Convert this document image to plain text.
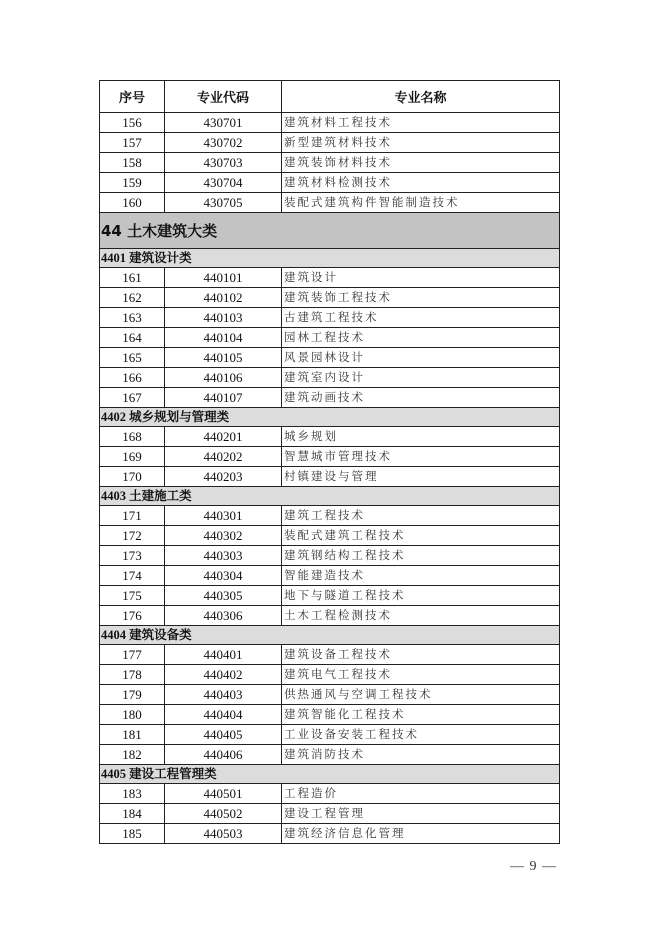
序号	专业代码	专业名称
156	430701	建筑材料工程技术
157	430702	新型建筑材料技术
158	430703	建筑装饰材料技术
159	430704	建筑材料检测技术
160	430705	装配式建筑构件智能制造技术
44 土木建筑大类		
4401 建筑设计类		
161	440101	建筑设计
162	440102	建筑装饰工程技术
163	440103	古建筑工程技术
164	440104	园林工程技术
165	440105	风景园林设计
166	440106	建筑室内设计
167	440107	建筑动画技术
4402 城乡规划与管理类		
168	440201	城乡规划
169	440202	智慧城市管理技术
170	440203	村镇建设与管理
4403 土建施工类		
171	440301	建筑工程技术
172	440302	装配式建筑工程技术
173	440303	建筑钢结构工程技术
174	440304	智能建造技术
175	440305	地下与隧道工程技术
176	440306	土木工程检测技术
4404 建筑设备类		
177	440401	建筑设备工程技术
178	440402	建筑电气工程技术
179	440403	供热通风与空调工程技术
180	440404	建筑智能化工程技术
181	440405	工业设备安装工程技术
182	440406	建筑消防技术
4405 建设工程管理类		
183	440501	工程造价
184	440502	建设工程管理
185	440503	建筑经济信息化管理
— 9 —
